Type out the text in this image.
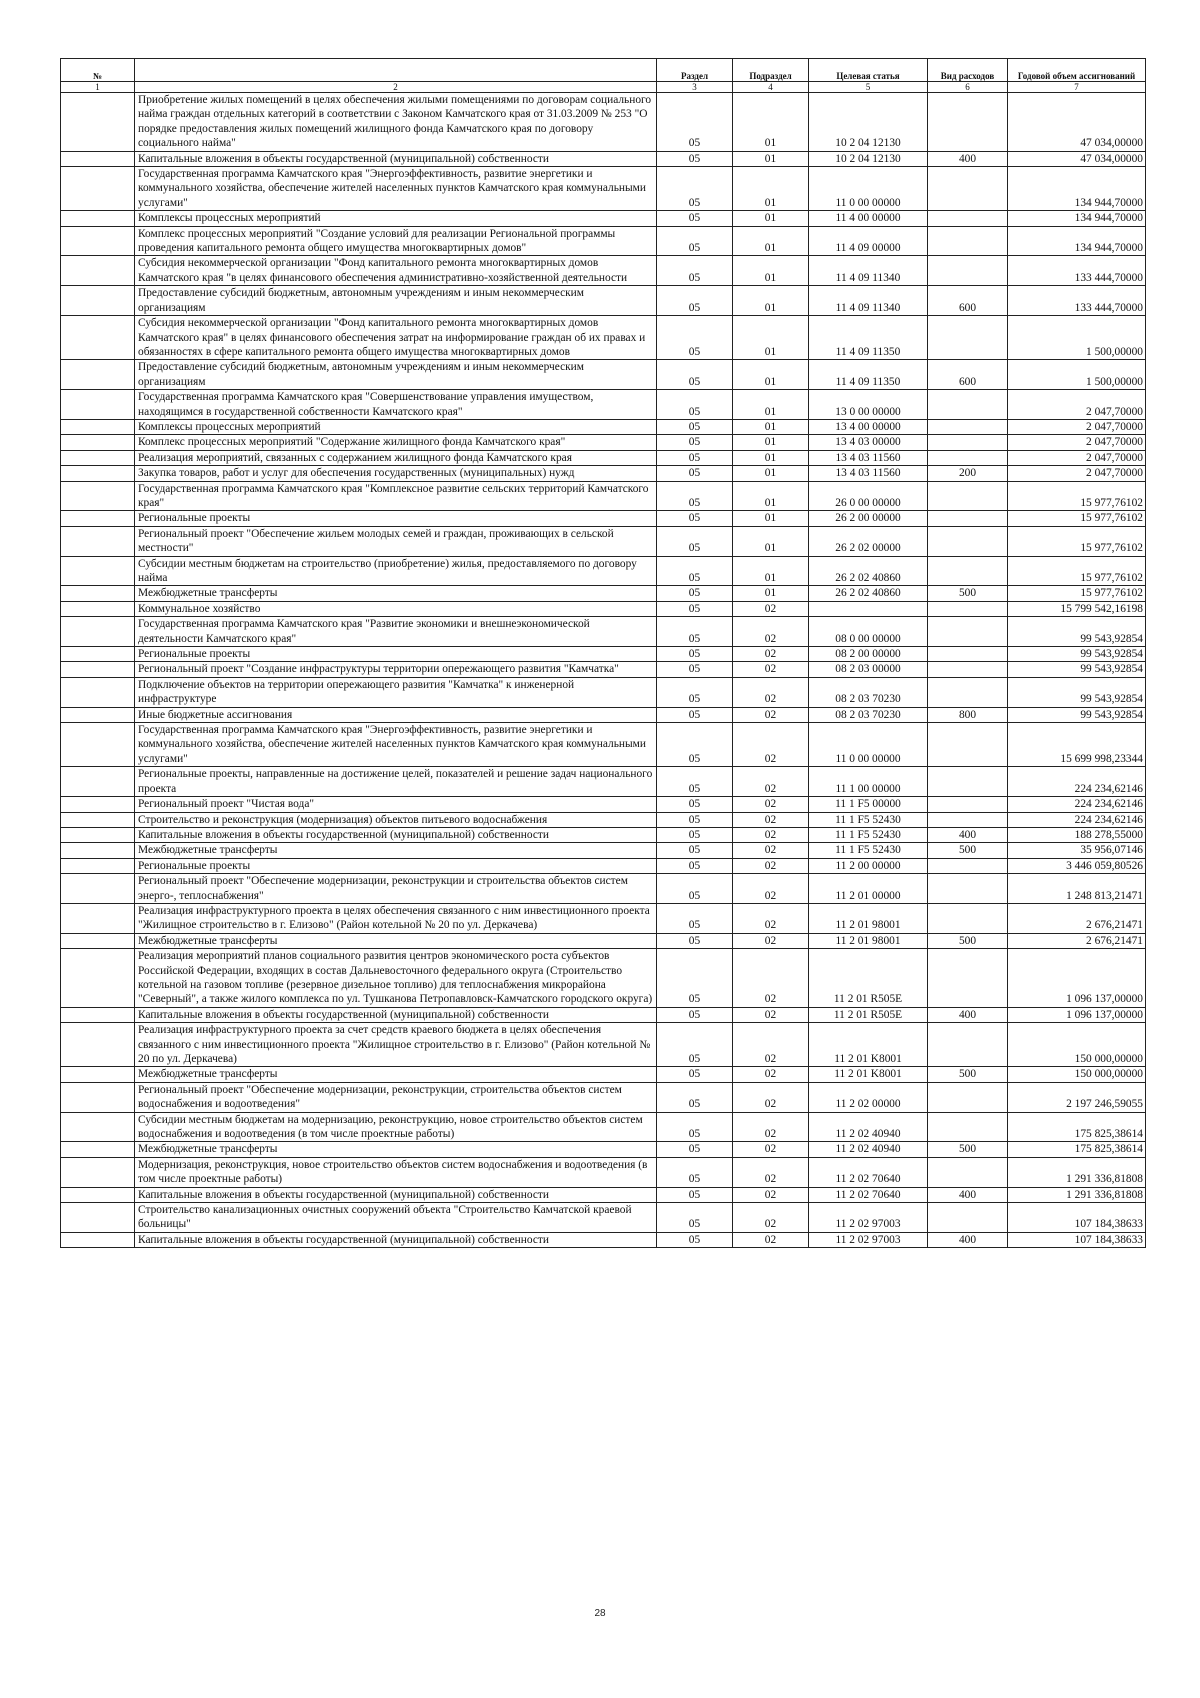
№		Раздел	Подраздел	Целевая статья	Вид расходов	Годовой объем ассигнований
1	2	3	4	5	6	7
	Приобретение жилых помещений в целях обеспечения жилыми помещениями по договорам социального найма граждан отдельных категорий в соответствии с Законом Камчатского края от 31.03.2009 № 253 "О порядке предоставления жилых помещений жилищного фонда Камчатского края по договору социального найма"	05	01	10 2 04 12130		47 034,00000
	Капитальные вложения в объекты государственной (муниципальной) собственности	05	01	10 2 04 12130	400	47 034,00000
	Государственная программа Камчатского края "Энергоэффективность, развитие энергетики и коммунального хозяйства, обеспечение жителей населенных пунктов Камчатского края коммунальными услугами"	05	01	11 0 00 00000		134 944,70000
	Комплексы процессных мероприятий	05	01	11 4 00 00000		134 944,70000
	Комплекс процессных мероприятий "Создание условий для реализации Региональной программы проведения капитального ремонта общего имущества многоквартирных домов"	05	01	11 4 09 00000		134 944,70000
	Субсидия некоммерческой организации "Фонд капитального ремонта многоквартирных домов Камчатского края "в целях финансового обеспечения административно-хозяйственной деятельности	05	01	11 4 09 11340		133 444,70000
	Предоставление субсидий бюджетным, автономным учреждениям и иным некоммерческим организациям	05	01	11 4 09 11340	600	133 444,70000
	Субсидия некоммерческой организации "Фонд капитального ремонта многоквартирных домов Камчатского края" в целях финансового обеспечения затрат на информирование граждан об их правах и обязанностях в сфере капитального ремонта общего имущества многоквартирных домов	05	01	11 4 09 11350		1 500,00000
	Предоставление субсидий бюджетным, автономным учреждениям и иным некоммерческим организациям	05	01	11 4 09 11350	600	1 500,00000
	Государственная программа Камчатского края "Совершенствование управления имуществом, находящимся в государственной собственности Камчатского края"	05	01	13 0 00 00000		2 047,70000
	Комплексы процессных мероприятий	05	01	13 4 00 00000		2 047,70000
	Комплекс процессных мероприятий "Содержание жилищного фонда Камчатского края"	05	01	13 4 03 00000		2 047,70000
	Реализация мероприятий, связанных с содержанием жилищного фонда Камчатского края	05	01	13 4 03 11560		2 047,70000
	Закупка товаров, работ и услуг для обеспечения государственных (муниципальных) нужд	05	01	13 4 03 11560	200	2 047,70000
	Государственная программа Камчатского края "Комплексное развитие сельских территорий Камчатского края"	05	01	26 0 00 00000		15 977,76102
	Региональные проекты	05	01	26 2 00 00000		15 977,76102
	Региональный проект "Обеспечение жильем молодых семей и граждан, проживающих в сельской местности"	05	01	26 2 02 00000		15 977,76102
	Субсидии местным бюджетам на строительство (приобретение) жилья, предоставляемого по договору найма	05	01	26 2 02 40860		15 977,76102
	Межбюджетные трансферты	05	01	26 2 02 40860	500	15 977,76102
	Коммунальное хозяйство	05	02			15 799 542,16198
	Государственная программа Камчатского края "Развитие экономики и внешнеэкономической деятельности Камчатского края"	05	02	08 0 00 00000		99 543,92854
	Региональные проекты	05	02	08 2 00 00000		99 543,92854
	Региональный проект "Создание инфраструктуры территории опережающего развития "Камчатка"	05	02	08 2 03 00000		99 543,92854
	Подключение объектов на территории опережающего развития "Камчатка" к инженерной инфраструктуре	05	02	08 2 03 70230		99 543,92854
	Иные бюджетные ассигнования	05	02	08 2 03 70230	800	99 543,92854
	Государственная программа Камчатского края "Энергоэффективность, развитие энергетики и коммунального хозяйства, обеспечение жителей населенных пунктов Камчатского края коммунальными услугами"	05	02	11 0 00 00000		15 699 998,23344
	Региональные проекты, направленные на достижение целей, показателей и решение задач национального проекта	05	02	11 1 00 00000		224 234,62146
	Региональный проект "Чистая вода"	05	02	11 1 F5 00000		224 234,62146
	Строительство и реконструкция (модернизация) объектов питьевого водоснабжения	05	02	11 1 F5 52430		224 234,62146
	Капитальные вложения в объекты государственной (муниципальной) собственности	05	02	11 1 F5 52430	400	188 278,55000
	Межбюджетные трансферты	05	02	11 1 F5 52430	500	35 956,07146
	Региональные проекты	05	02	11 2 00 00000		3 446 059,80526
	Региональный проект "Обеспечение модернизации, реконструкции и строительства объектов систем энерго-, теплоснабжения"	05	02	11 2 01 00000		1 248 813,21471
	Реализация инфраструктурного проекта в целях обеспечения связанного с ним инвестиционного проекта "Жилищное строительство в г. Елизово" (Район котельной № 20 по ул. Деркачева)	05	02	11 2 01 98001		2 676,21471
	Межбюджетные трансферты	05	02	11 2 01 98001	500	2 676,21471
	Реализация мероприятий планов социального развития центров экономического роста субъектов Российской Федерации, входящих в состав Дальневосточного федерального округа (Строительство котельной на газовом топливе (резервное дизельное топливо) для теплоснабжения микрорайона "Северный", а также жилого комплекса по ул. Тушканова Петропавловск-Камчатского городского округа)	05	02	11 2 01 R505E		1 096 137,00000
	Капитальные вложения в объекты государственной (муниципальной) собственности	05	02	11 2 01 R505E	400	1 096 137,00000
	Реализация инфраструктурного проекта за счет средств краевого бюджета в целях обеспечения связанного с ним инвестиционного проекта "Жилищное строительство в г. Елизово" (Район котельной № 20 по ул. Деркачева)	05	02	11 2 01 K8001		150 000,00000
	Межбюджетные трансферты	05	02	11 2 01 K8001	500	150 000,00000
	Региональный проект "Обеспечение модернизации, реконструкции, строительства объектов систем водоснабжения и водоотведения"	05	02	11 2 02 00000		2 197 246,59055
	Субсидии местным бюджетам на модернизацию, реконструкцию, новое строительство объектов систем водоснабжения и водоотведения (в том числе проектные работы)	05	02	11 2 02 40940		175 825,38614
	Межбюджетные трансферты	05	02	11 2 02 40940	500	175 825,38614
	Модернизация, реконструкция, новое строительство объектов систем водоснабжения и водоотведения (в том числе проектные работы)	05	02	11 2 02 70640		1 291 336,81808
	Капитальные вложения в объекты государственной (муниципальной) собственности	05	02	11 2 02 70640	400	1 291 336,81808
	Строительство канализационных очистных сооружений объекта "Строительство Камчатской краевой больницы"	05	02	11 2 02 97003		107 184,38633
	Капитальные вложения в объекты государственной (муниципальной) собственности	05	02	11 2 02 97003	400	107 184,38633
28
